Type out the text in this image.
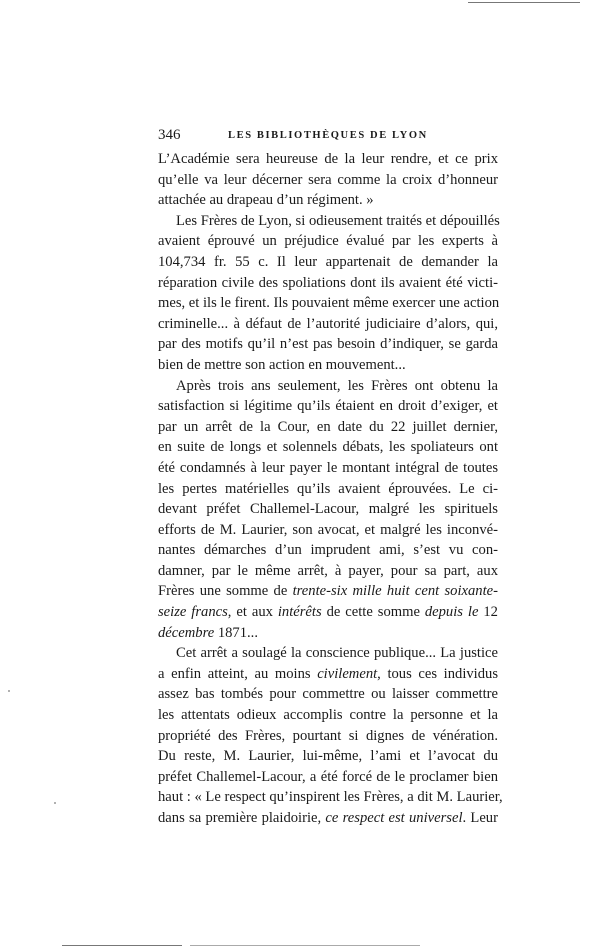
346	LES BIBLIOTHÈQUES DE LYON
L’Académie sera heureuse de la leur rendre, et ce prix
qu’elle va leur décerner sera comme la croix d’honneur
attachée au drapeau d’un régiment. »
Les Frères de Lyon, si odieusement traités et dépouillés
avaient éprouvé un préjudice évalué par les experts à
104,734 fr. 55 c. Il leur appartenait de demander la
réparation civile des spoliations dont ils avaient été victi-
mes, et ils le firent. Ils pouvaient même exercer une action
criminelle... à défaut de l’autorité judiciaire d’alors, qui,
par des motifs qu’il n’est pas besoin d’indiquer, se garda
bien de mettre son action en mouvement...
Après trois ans seulement, les Frères ont obtenu la
satisfaction si légitime qu’ils étaient en droit d’exiger, et
par un arrêt de la Cour, en date du 22 juillet dernier,
en suite de longs et solennels débats, les spoliateurs ont
été condamnés à leur payer le montant intégral de toutes
les pertes matérielles qu’ils avaient éprouvées. Le ci-
devant préfet Challemel-Lacour, malgré les spirituels
efforts de M. Laurier, son avocat, et malgré les inconvé-
nantes démarches d’un imprudent ami, s’est vu con-
damner, par le même arrêt, à payer, pour sa part, aux
Frères une somme de trente-six mille huit cent soixante-
seize francs, et aux intérêts de cette somme depuis le 12
décembre 1871...
Cet arrêt a soulagé la conscience publique... La justice
a enfin atteint, au moins civilement, tous ces individus
assez bas tombés pour commettre ou laisser commettre
les attentats odieux accomplis contre la personne et la
propriété des Frères, pourtant si dignes de vénération.
Du reste, M. Laurier, lui-même, l’ami et l’avocat du
préfet Challemel-Lacour, a été forcé de le proclamer bien
haut : « Le respect qu’inspirent les Frères, a dit M. Laurier,
dans sa première plaidoirie, ce respect est universel. Leur
